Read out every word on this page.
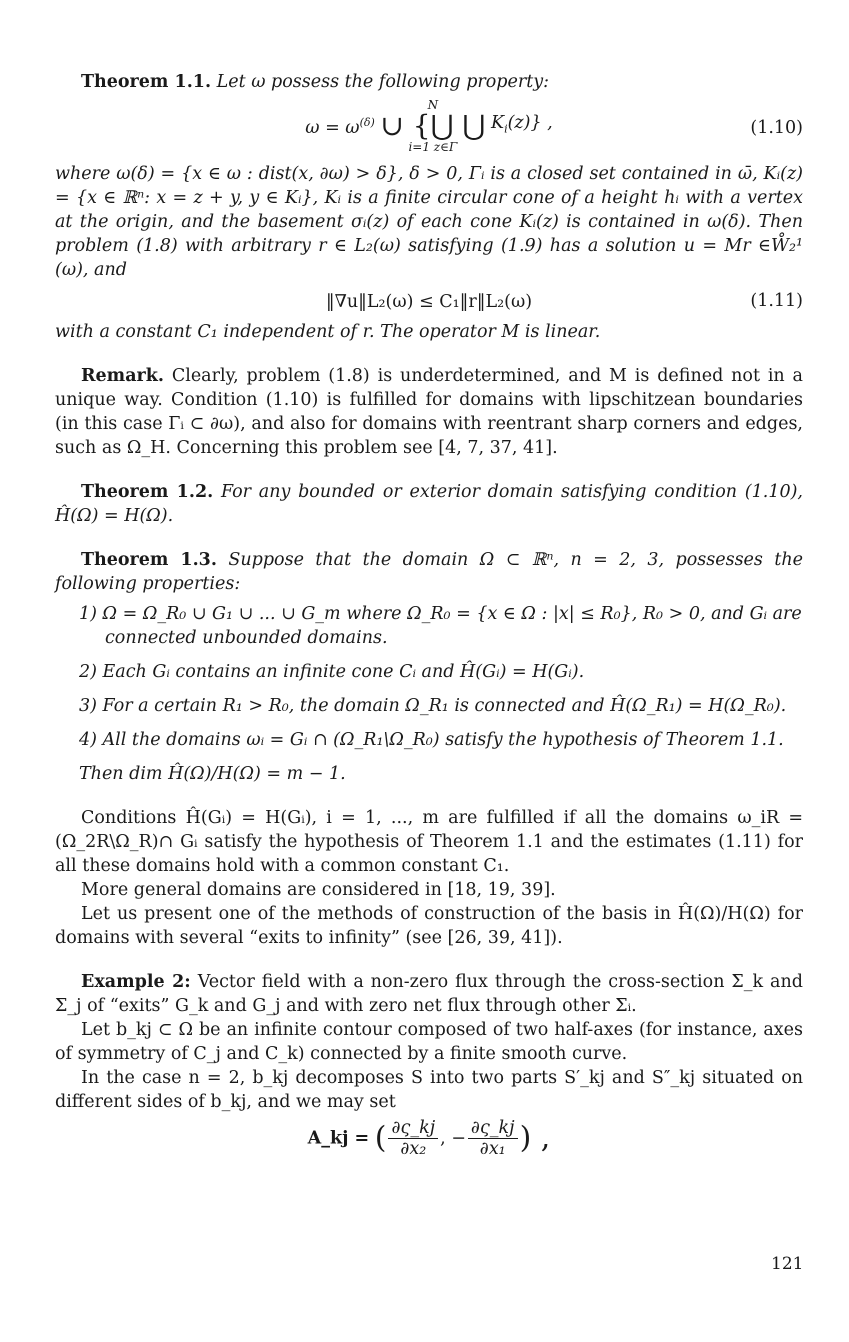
Theorem 1.1. Let ω possess the following property:

$\omega = \omega^{(\delta)}$
N
∪ {⋃ ⋃
i=1 z∈Γ
$K_i(z)$} ,	(1.10)

where ω(δ) = {x ∈ ω : dist(x, ∂ω) > δ}, δ > 0, Γᵢ is a closed set contained in ω̄, Kᵢ(z) = {x ∈ ℝⁿ: x = z + y, y ∈ Kᵢ}, Kᵢ is a finite circular cone of a height hᵢ with a vertex at the origin, and the basement σᵢ(z) of each cone Kᵢ(z) is contained in ω(δ). Then problem (1.8) with arbitrary r ∈ L₂(ω) satisfying (1.9) has a solution u = Mr ∈W̊₂¹ (ω), and

‖∇u‖L₂(ω) ≤ C₁‖r‖L₂(ω)	(1.11)

with a constant C₁ independent of r. The operator M is linear.

Remark. Clearly, problem (1.8) is underdetermined, and M is defined not in a unique way. Condition (1.10) is fulfilled for domains with lipschitzean boundaries (in this case Γᵢ ⊂ ∂ω), and also for domains with reentrant sharp corners and edges, such as Ω_H. Concerning this problem see [4, 7, 37, 41].

Theorem 1.2. For any bounded or exterior domain satisfying condition (1.10), Ĥ(Ω) = H(Ω).

Theorem 1.3. Suppose that the domain Ω ⊂ ℝⁿ, n = 2, 3, possesses the following properties:

1) Ω = Ω_R₀ ∪ G₁ ∪ ... ∪ G_m where Ω_R₀ = {x ∈ Ω : |x| ≤ R₀}, R₀ > 0, and Gᵢ are connected unbounded domains.
2) Each Gᵢ contains an infinite cone Cᵢ and Ĥ(Gᵢ) = H(Gᵢ).
3) For a certain R₁ > R₀, the domain Ω_R₁ is connected and Ĥ(Ω_R₁) = H(Ω_R₀).
4) All the domains ωᵢ = Gᵢ ∩ (Ω_R₁\Ω_R₀) satisfy the hypothesis of Theorem 1.1.
Then dim Ĥ(Ω)/H(Ω) = m − 1.

Conditions Ĥ(Gᵢ) = H(Gᵢ), i = 1, ..., m are fulfilled if all the domains ω_iR = (Ω_2R\Ω_R)∩ Gᵢ satisfy the hypothesis of Theorem 1.1 and the estimates (1.11) for all these domains hold with a common constant C₁.

More general domains are considered in [18, 19, 39].

Let us present one of the methods of construction of the basis in Ĥ(Ω)/H(Ω) for domains with several “exits to infinity” (see [26, 39, 41]).

Example 2: Vector field with a non-zero flux through the cross-section Σ_k and Σ_j of “exits” G_k and G_j and with zero net flux through other Σᵢ.

Let b_kj ⊂ Ω be an infinite contour composed of two half-axes (for instance, axes of symmetry of C_j and C_k) connected by a finite smooth curve.

In the case n = 2, b_kj decomposes S into two parts S′_kj and S″_kj situated on different sides of b_kj, and we may set

A_kj = ( $\frac{\partial\varsigma\_kj}{\text{∂x₂}}$ , − $\frac{\partial\varsigma\_kj}{\text{∂x₁}}$ ) ,
121
